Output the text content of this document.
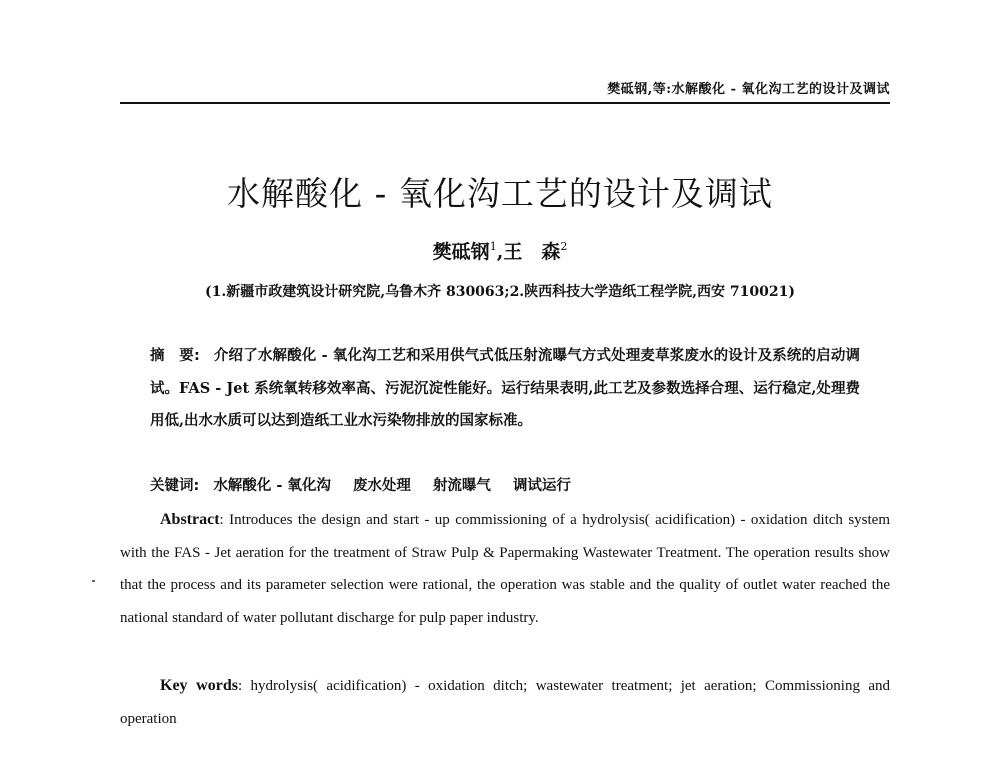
樊砥钢,等:水解酸化 - 氧化沟工艺的设计及调试
水解酸化 - 氧化沟工艺的设计及调试
樊砥钢$^1$,王　森$^2$
(1.新疆市政建筑设计研究院,乌鲁木齐 830063;2.陕西科技大学造纸工程学院,西安 710021)
摘　要: 介绍了水解酸化 - 氧化沟工艺和采用供气式低压射流曝气方式处理麦草浆废水的设计及系统的启动调试。FAS - Jet 系统氧转移效率高、污泥沉淀性能好。运行结果表明,此工艺及参数选择合理、运行稳定,处理费用低,出水水质可以达到造纸工业水污染物排放的国家标准。
关键词: 水解酸化 - 氧化沟 废水处理 射流曝气 调试运行
Abstract: Introduces the design and start - up commissioning of a hydrolysis( acidification) - oxidation ditch system with the FAS - Jet aeration for the treatment of Straw Pulp & Papermaking Wastewater Treatment. The operation results show that the process and its parameter selection were rational, the operation was stable and the quality of outlet water reached the national standard of water pollutant discharge for pulp paper industry.
Key words: hydrolysis( acidification) - oxidation ditch; wastewater treatment; jet aeration; Commissioning and operation
